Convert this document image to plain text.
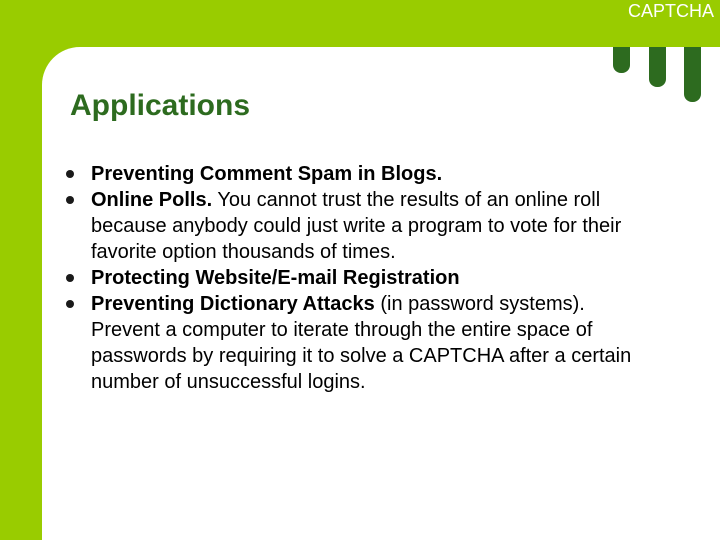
CAPTCHA
Applications
Preventing Comment Spam in Blogs.
Online Polls. You cannot trust the results of an online roll because anybody could just write a program to vote for their favorite option thousands of times.
Protecting Website/E-mail Registration
Preventing Dictionary Attacks (in password systems). Prevent a computer to iterate through the entire space of passwords by requiring it to solve a CAPTCHA after a certain number of unsuccessful logins.
